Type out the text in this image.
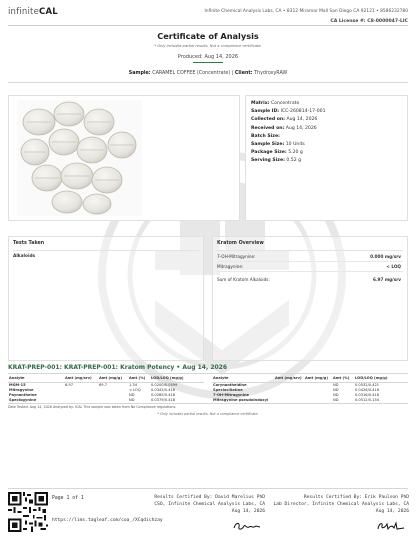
infiniteCAL	Infinite Chemical Analysis Labs, CA • 8312 Miramar Mall San Diego CA 92121 • 8586232780
CA License #: C8-0000047-LIC
Certificate of Analysis
* Only includes partial results. Not a compliance certificate.
Produced: Aug 14, 2026
Sample: CARAMEL COFFEE (Concentrate) | Client: ThydroxyRAW
Matrix: Concentrate
Sample ID: ICC-260814-17-001
Collected on: Aug 14, 2026
Received on: Aug 14, 2026
Batch Size:
Sample Size: 10 Units
Package Size: 5.20 g
Serving Size: 0.52 g
Tests Taken
Alkaloids
Kratom Overview
7-OH-Mitragynine:	0.000 mg/srv
Mitragynine:	< LOQ
Sum of Kratom Alkaloids:	6.97 mg/srv
KRAT-PREP-001: KRAT-PREP-001: Kratom Potency • Aug 14, 2026
Analyte	Amt (mg/srv)	Amt (mg/g)	Amt (%)	LOD/LOQ (mg/g)
MGM-15	6.97	69.7	1.34	0.0200/0.0599
Mitragynine			< LOQ	0.0343/0.418
Paynantheine			ND	0.0285/0.418
Speciogynine			ND	0.0379/0.418
Analyte	Amt (mg/srv)	Amt (mg/g)	Amt (%)	LOD/LOQ (mg/g)
Corynantheidine			ND	0.0532/0.421
Speciociliatine			ND	0.0426/0.418
7-OH-Mitragynine			ND	0.0316/0.418
Mitragynine pseudoindoxyl			ND	0.0512/0.154
Date Tested: Aug 14, 2026 Analyzed by: ICAL This sample was taken from No Compliance regulations.
* Only includes partial results. Not a compliance certificate.
Page 1 of 1
https://lims.tagleaf.com/coa_/XCqdichzay
Results Certified By: David Marelius PhD
CSO, Infinite Chemical Analysis Labs, CA
Aug 14, 2026
Results Certified By: Erik Paulson PhD
Lab Director, Infinite Chemical Analysis Labs, CA
Aug 14, 2026
